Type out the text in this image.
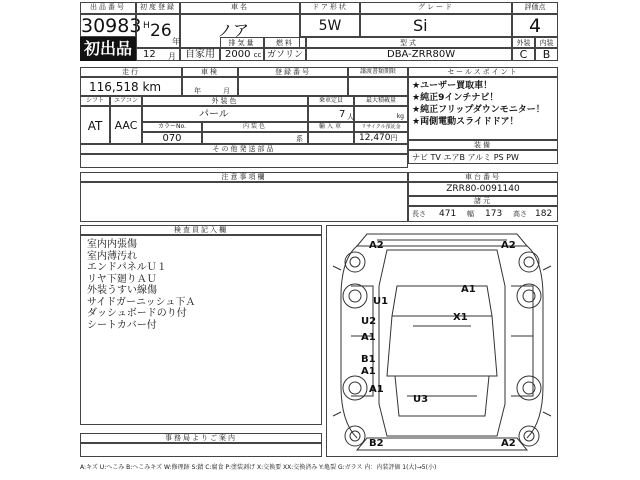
出品番号
30983
初出品
初度登録
H 26
年
12 月
車名
ノア
ドア形状
5W
グレード
Si
自家用
排気量
2000 cc
燃料
ガソリン
型式
DBA-ZRR80W
評価点
4
外装	内装
C	B
走行
116,518 km
車検
年	月
登録番号	譲渡書類期限	セールスポイント
★ユーザー買取車！
★純正9インチナビ！
★純正フリップダウンモニター！
★両側電動スライドドア！
シフト	エアコン
AT	AAC
外装色
パール
カラーNo.
070
内装色
系
乗車定員
7 人
最大積載量
kg
輸入車	リサイクル預託金
12,470円
装備
ナビ TV エアB アルミ PS PW
その他発送部品
注意事項欄	車台番号
ZRR80-0091140
諸元
長さ 471 幅 173 高さ 182
検査員記入欄
室内内張傷
室内薄汚れ
エンドパネルＵ１
リヤ下廻りＡＵ
外装うすい線傷
サイドガーニッシュ下Ａ
ダッシュボードのり付
シートカバー付
事務局よりご案内
A2	A2
U1
A1
U2	X1
A1
B1
A1
A1
U3
B2	A2
A:キズ U:へこみ B:へこみキズ W:修理跡 S:錆 C:腐食 P:塗装剥げ X:交換要 XX:交換済み Y:亀裂 G:ガラス 内：内装評価 1(大)→5(小)
